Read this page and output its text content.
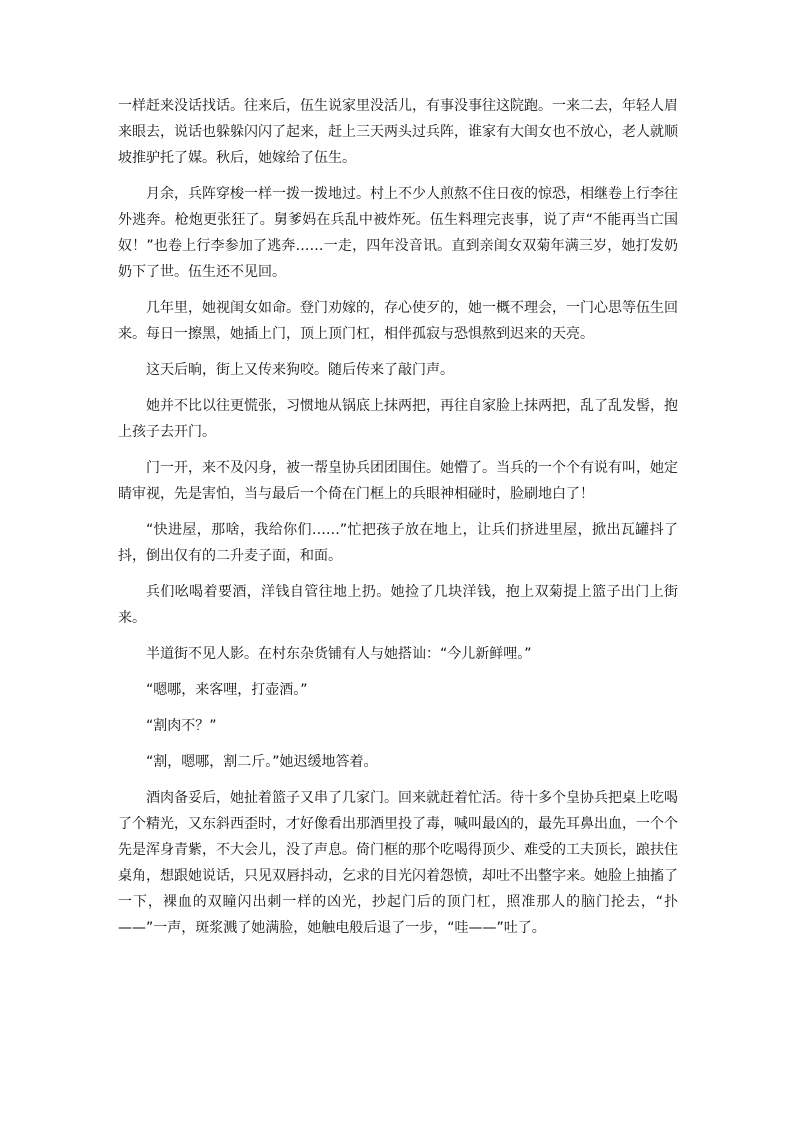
一样赶来没话找话。往来后，伍生说家里没活儿，有事没事往这院跑。一来二去，年轻人眉来眼去，说话也躲躲闪闪了起来，赶上三天两头过兵阵，谁家有大闺女也不放心，老人就顺坡推驴托了媒。秋后，她嫁给了伍生。

月余，兵阵穿梭一样一拨一拨地过。村上不少人煎熬不住日夜的惊恐，相继卷上行李往外逃奔。枪炮更张狂了。舅爹妈在兵乱中被炸死。伍生料理完丧事，说了声“不能再当亡国奴！”也卷上行李参加了逃奔……一走，四年没音讯。直到亲闺女双菊年满三岁，她打发奶奶下了世。伍生还不见回。

几年里，她视闺女如命。登门劝嫁的，存心使歹的，她一概不理会，一门心思等伍生回来。每日一擦黑，她插上门，顶上顶门杠，相伴孤寂与恐惧熬到迟来的天亮。

这天后晌，街上又传来狗咬。随后传来了敲门声。

她并不比以往更慌张，习惯地从锅底上抹两把，再往自家脸上抹两把，乱了乱发髻，抱上孩子去开门。

门一开，来不及闪身，被一帮皇协兵团团围住。她懵了。当兵的一个个有说有叫，她定睛审视，先是害怕，当与最后一个倚在门框上的兵眼神相碰时，脸刷地白了！

“快进屋，那啥，我给你们……”忙把孩子放在地上，让兵们挤进里屋，掀出瓦罐抖了抖，倒出仅有的二升麦子面，和面。

兵们吆喝着要酒，洋钱自管往地上扔。她捡了几块洋钱，抱上双菊提上篮子出门上街来。

半道街不见人影。在村东杂货铺有人与她搭讪：“今儿新鲜哩。”

“嗯哪，来客哩，打壶酒。”

“割肉不？”

“割，嗯哪，割二斤。”她迟缓地答着。

酒肉备妥后，她扯着篮子又串了几家门。回来就赶着忙活。待十多个皇协兵把桌上吃喝了个精光，又东斜西歪时，才好像看出那酒里投了毒，喊叫最凶的，最先耳鼻出血，一个个先是浑身青紫，不大会儿，没了声息。倚门框的那个吃喝得顶少、难受的工夫顶长，踉扶住桌角，想跟她说话，只见双唇抖动，乞求的目光闪着怨愤，却吐不出整字来。她脸上抽搐了一下，裸血的双瞳闪出刺一样的凶光，抄起门后的顶门杠，照准那人的脑门抡去，“扑——”一声，斑浆溅了她满脸，她触电般后退了一步，“哇——”吐了。
